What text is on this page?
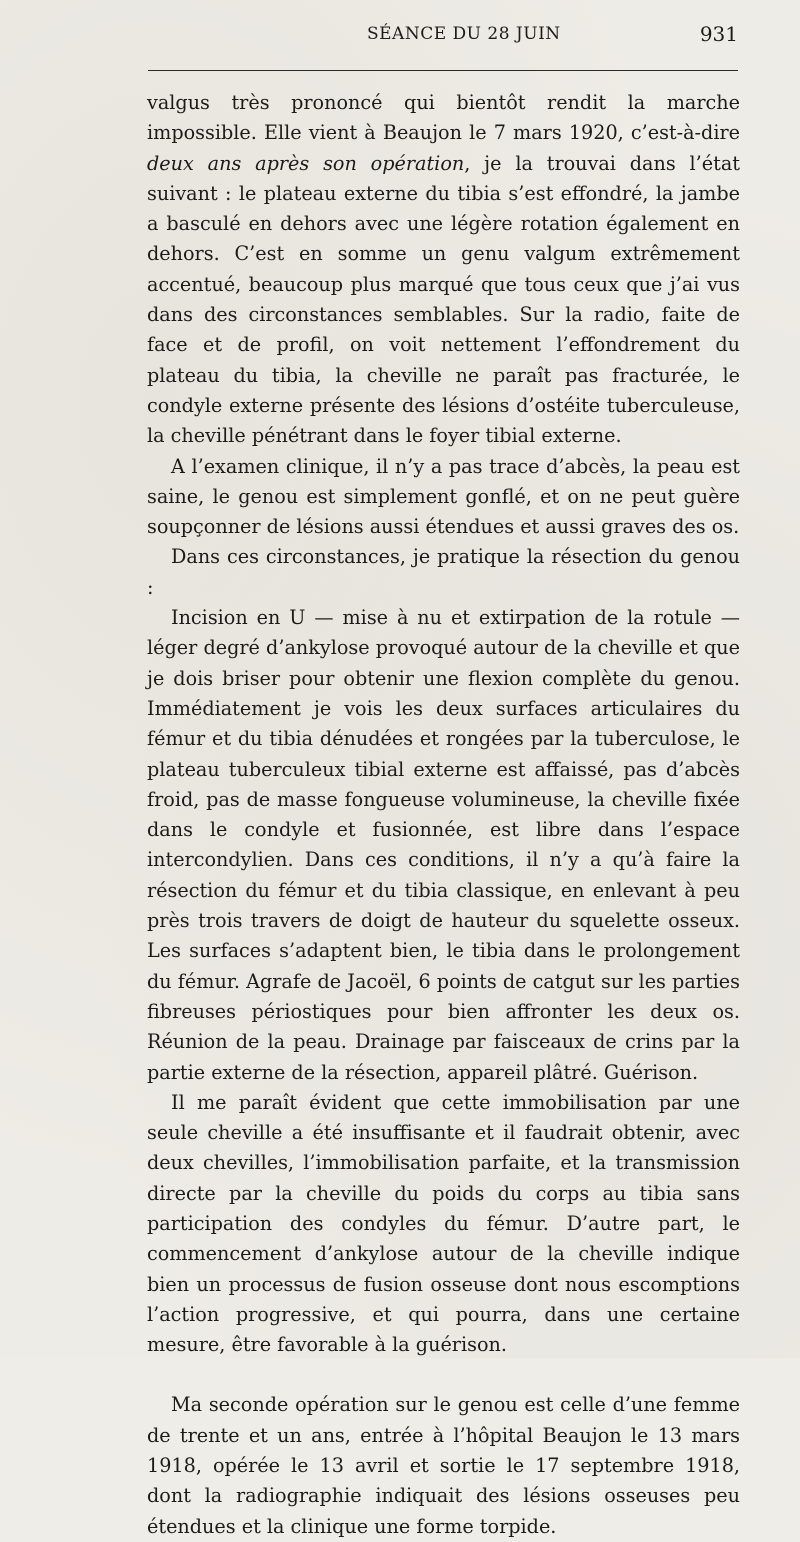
SÉANCE DU 28 JUIN	931

valgus très prononcé qui bientôt rendit la marche impossible. Elle vient à Beaujon le 7 mars 1920, c’est-à-dire deux ans après son opération, je la trouvai dans l’état suivant : le plateau externe du tibia s’est effondré, la jambe a basculé en dehors avec une légère rotation également en dehors. C’est en somme un genu valgum extrêmement accentué, beaucoup plus marqué que tous ceux que j’ai vus dans des circonstances semblables. Sur la radio, faite de face et de profil, on voit nettement l’effondrement du plateau du tibia, la cheville ne paraît pas fracturée, le condyle externe présente des lésions d’ostéite tuberculeuse, la cheville pénétrant dans le foyer tibial externe.

A l’examen clinique, il n’y a pas trace d’abcès, la peau est saine, le genou est simplement gonflé, et on ne peut guère soupçonner de lésions aussi étendues et aussi graves des os.

Dans ces circonstances, je pratique la résection du genou :

Incision en U — mise à nu et extirpation de la rotule — léger degré d’ankylose provoqué autour de la cheville et que je dois briser pour obtenir une flexion complète du genou. Immédiatement je vois les deux surfaces articulaires du fémur et du tibia dénudées et rongées par la tuberculose, le plateau tuberculeux tibial externe est affaissé, pas d’abcès froid, pas de masse fongueuse volumineuse, la cheville fixée dans le condyle et fusionnée, est libre dans l’espace intercondylien. Dans ces conditions, il n’y a qu’à faire la résection du fémur et du tibia classique, en enlevant à peu près trois travers de doigt de hauteur du squelette osseux. Les surfaces s’adaptent bien, le tibia dans le prolongement du fémur. Agrafe de Jacoël, 6 points de catgut sur les parties fibreuses périostiques pour bien affronter les deux os. Réunion de la peau. Drainage par faisceaux de crins par la partie externe de la résection, appareil plâtré. Guérison.

Il me paraît évident que cette immobilisation par une seule cheville a été insuffisante et il faudrait obtenir, avec deux chevilles, l’immobilisation parfaite, et la transmission directe par la cheville du poids du corps au tibia sans participation des condyles du fémur. D’autre part, le commencement d’ankylose autour de la cheville indique bien un processus de fusion osseuse dont nous escomptions l’action progressive, et qui pourra, dans une certaine mesure, être favorable à la guérison.

Ma seconde opération sur le genou est celle d’une femme de trente et un ans, entrée à l’hôpital Beaujon le 13 mars 1918, opérée le 13 avril et sortie le 17 septembre 1918, dont la radiographie indiquait des lésions osseuses peu étendues et la clinique une forme torpide.
